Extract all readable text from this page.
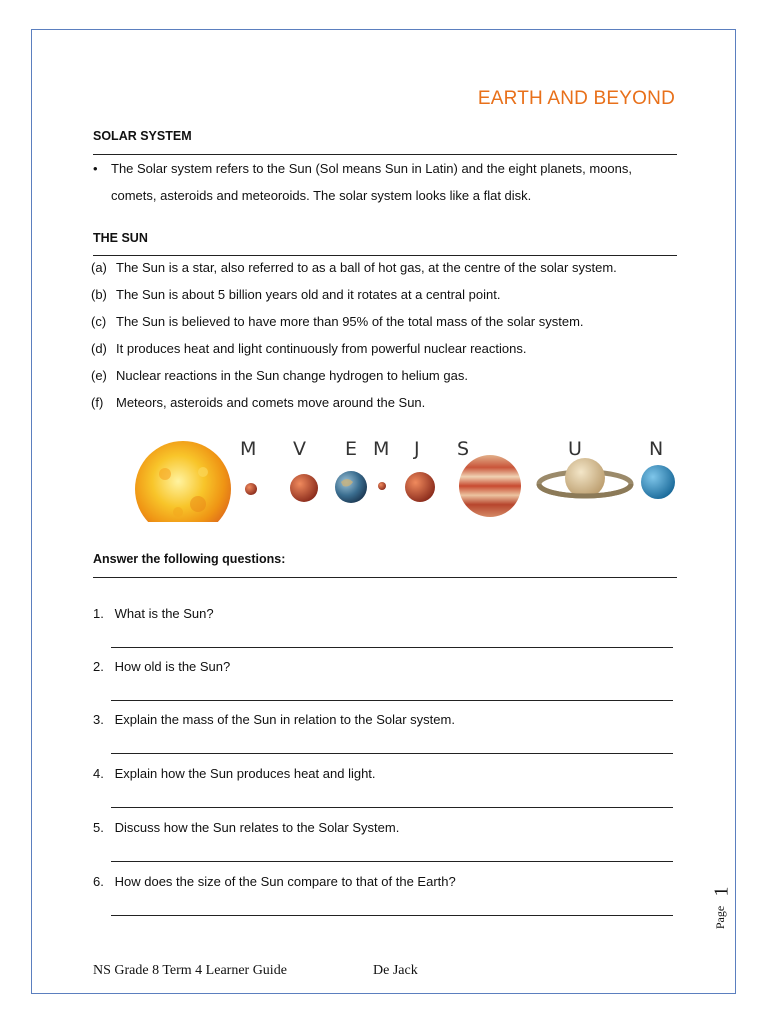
EARTH AND BEYOND
SOLAR SYSTEM
•	The Solar system refers to the Sun (Sol means Sun in Latin) and the eight planets, moons, comets, asteroids and meteoroids. The solar system looks like a flat disk.
THE SUN
(a) The Sun is a star, also referred to as a ball of hot gas, at the centre of the solar system.
(b) The Sun is about 5 billion years old and it rotates at a central point.
(c) The Sun is believed to have more than 95% of the total mass of the solar system.
(d) It produces heat and light continuously from powerful nuclear reactions.
(e) Nuclear reactions in the Sun change hydrogen to helium gas.
(f) Meteors, asteroids and comets move around the Sun.
M V E M J S	U	N
Answer the following questions:
1. What is the Sun?
2. How old is the Sun?
3. Explain the mass of the Sun in relation to the Solar system.
4. Explain how the Sun produces heat and light.
5. Discuss how the Sun relates to the Solar System.
6. How does the size of the Sun compare to that of the Earth?
NS Grade 8 Term 4 Learner Guide	De Jack
1
Page
